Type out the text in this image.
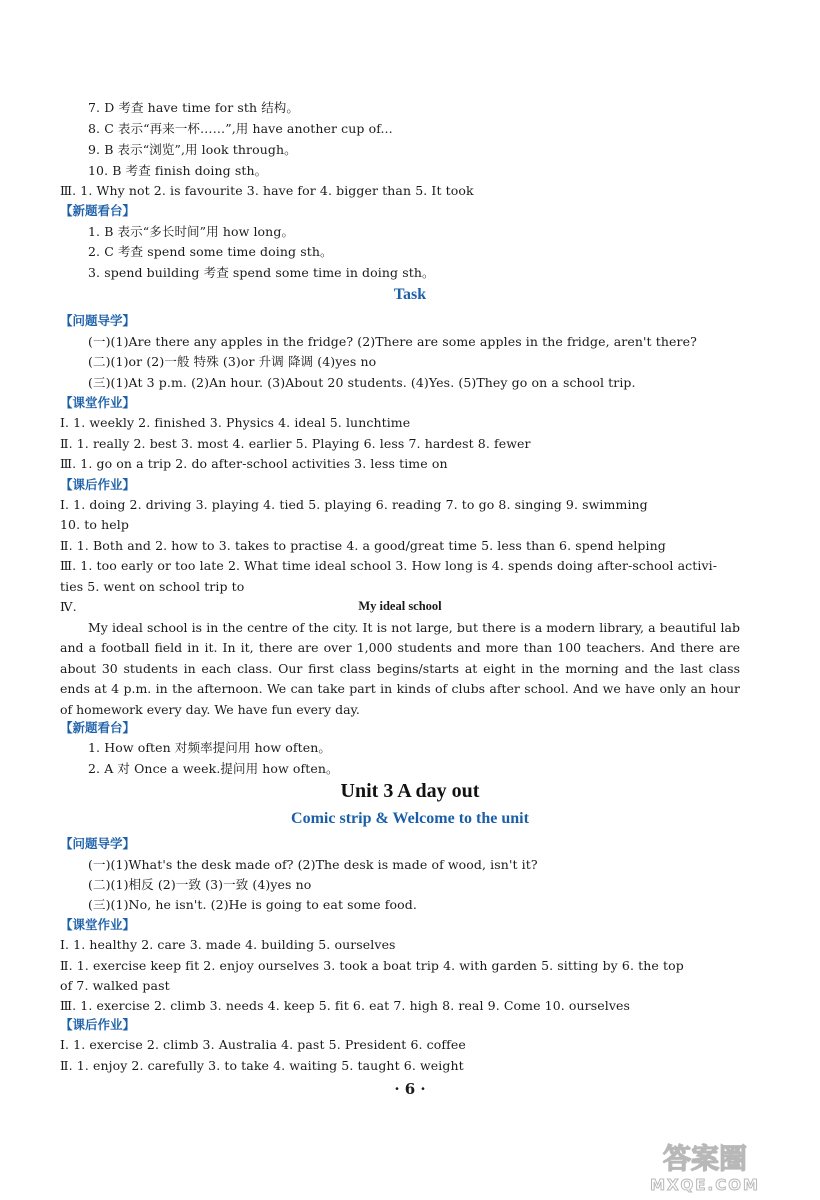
7. D 考查 have time for sth 结构。
8. C 表示“再来一杯……”,用 have another cup of...
9. B 表示“浏览”,用 look through。
10. B 考查 finish doing sth。
Ⅲ. 1. Why not 2. is favourite 3. have for 4. bigger than 5. It took
【新题看台】
1. B 表示“多长时间”用 how long。
2. C 考查 spend some time doing sth。
3. spend building 考查 spend some time in doing sth。
Task
【问题导学】
(一)(1)Are there any apples in the fridge? (2)There are some apples in the fridge, aren't there?
(二)(1)or (2)一般 特殊 (3)or 升调 降调 (4)yes no
(三)(1)At 3 p.m. (2)An hour. (3)About 20 students. (4)Yes. (5)They go on a school trip.
【课堂作业】
Ⅰ. 1. weekly 2. finished 3. Physics 4. ideal 5. lunchtime
Ⅱ. 1. really 2. best 3. most 4. earlier 5. Playing 6. less 7. hardest 8. fewer
Ⅲ. 1. go on a trip 2. do after-school activities 3. less time on
【课后作业】
Ⅰ. 1. doing 2. driving 3. playing 4. tied 5. playing 6. reading 7. to go 8. singing 9. swimming
10. to help
Ⅱ. 1. Both and 2. how to 3. takes to practise 4. a good/great time 5. less than 6. spend helping
Ⅲ. 1. too early or too late 2. What time ideal school 3. How long is 4. spends doing after-school activi-
ties 5. went on school trip to
Ⅳ.	My ideal school
My ideal school is in the centre of the city. It is not large, but there is a modern library, a beautiful lab and a football field in it. In it, there are over 1,000 students and more than 100 teachers. And there are about 30 students in each class. Our first class begins/starts at eight in the morning and the last class ends at 4 p.m. in the afternoon. We can take part in kinds of clubs after school. And we have only an hour of homework every day. We have fun every day.
【新题看台】
1. How often 对频率提问用 how often。
2. A 对 Once a week.提问用 how often。
Unit 3 A day out
Comic strip & Welcome to the unit
【问题导学】
(一)(1)What's the desk made of? (2)The desk is made of wood, isn't it?
(二)(1)相反 (2)一致 (3)一致 (4)yes no
(三)(1)No, he isn't. (2)He is going to eat some food.
【课堂作业】
Ⅰ. 1. healthy 2. care 3. made 4. building 5. ourselves
Ⅱ. 1. exercise keep fit 2. enjoy ourselves 3. took a boat trip 4. with garden 5. sitting by 6. the top
of 7. walked past
Ⅲ. 1. exercise 2. climb 3. needs 4. keep 5. fit 6. eat 7. high 8. real 9. Come 10. ourselves
【课后作业】
Ⅰ. 1. exercise 2. climb 3. Australia 4. past 5. President 6. coffee
Ⅱ. 1. enjoy 2. carefully 3. to take 4. waiting 5. taught 6. weight
· 6 ·
答案圈
MXQE.COM
